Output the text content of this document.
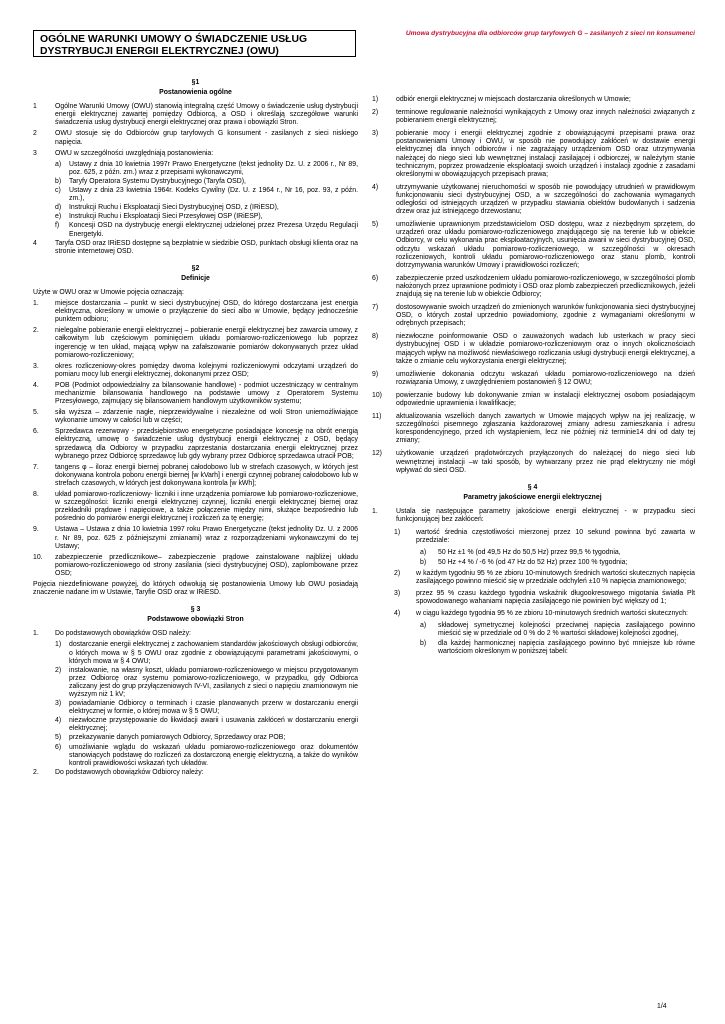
OGÓLNE WARUNKI UMOWY O ŚWIADCZENIE USŁUG DYSTRYBUCJI ENERGII ELEKTRYCZNEJ (OWU)
Umowa dystrybucyjna dla odbiorców grup taryfowych G – zasilanych z sieci nn konsumenci
§1
Postanowienia ogólne
1	Ogólne Warunki Umowy (OWU) stanowią integralną część Umowy o świadczenie usług dystrybucji energii elektrycznej zawartej pomiędzy Odbiorcą, a OSD i określają szczegółowe warunki świadczenia usług dystrybucji energii elektrycznej oraz prawa i obowiązki Stron.
2	OWU stosuje się do Odbiorców grup taryfowych G konsument - zasilanych z sieci niskiego napięcia.
3	OWU w szczególności uwzględniają postanowienia:
a)	Ustawy z dnia 10 kwietnia 1997r Prawo Energetyczne (tekst jednolity Dz. U. z 2006 r., Nr 89, poz. 625, z późn. zm.) wraz z przepisami wykonawczymi,
b)	Taryfy Operatora Systemu Dystrybucyjnego (Taryfa OSD),
c)	Ustawy z dnia 23 kwietnia 1964r. Kodeks Cywilny (Dz. U. z 1964 r., Nr 16, poz. 93, z późn. zm.),
d)	Instrukcji Ruchu i Eksploatacji Sieci Dystrybucyjnej OSD, z (IRiESD),
e)	Instrukcji Ruchu i Eksploatacji Sieci Przesyłowej OSP (IRiESP),
f)	Koncesji OSD na dystrybucję energii elektrycznej udzielonej przez Prezesa Urzędu Regulacji Energetyki.
4	Taryfa OSD oraz IRiESD dostępne są bezpłatnie w siedzibie OSD, punktach obsługi klienta oraz na stronie internetowej OSD.
§2
Definicje

Użyte w OWU oraz w Umowie pojęcia oznaczają:

1.	miejsce dostarczania – punkt w sieci dystrybucyjnej OSD, do którego dostarczana jest energia elektryczna, określony w umowie o przyłączenie do sieci albo w Umowie, będący jednocześnie punktem odbioru;
2.	nielegalne pobieranie energii elektrycznej – pobieranie energii elektrycznej bez zawarcia umowy, z całkowitym lub częściowym pominięciem układu pomiarowo-rozliczeniowego lub poprzez ingerencję w ten układ, mającą wpływ na zafałszowanie pomiarów dokonywanych przez układ pomiarowo-rozliczeniowy;
3.	okres rozliczeniowy-okres pomiędzy dwoma kolejnymi rozliczeniowymi odczytami urządzeń do pomiaru mocy lub energii elektrycznej, dokonanymi przez OSD;
4.	POB (Podmiot odpowiedzialny za bilansowanie handlowe) - podmiot uczestniczący w centralnym mechanizmie bilansowania handlowego na podstawie umowy z Operatorem Systemu Przesyłowego, zajmujący się bilansowaniem handlowym użytkowników systemu;
5.	siła wyższa – zdarzenie nagłe, nieprzewidywalne i niezależne od woli Stron uniemożliwiające wykonanie umowy w całości lub w części;
6.	Sprzedawca rezerwowy - przedsiębiorstwo energetyczne posiadające koncesję na obrót energią elektryczną, umowę o świadczenie usług dystrybucji energii elektrycznej z OSD, będący sprzedawcą dla Odbiorcy w przypadku zaprzestania dostarczania energii elektrycznej przez wybranego przez Odbiorcę sprzedawcę lub gdy wybrany przez Odbiorcę sprzedawca utracił POB;
7.	tangens φ – iloraz energii biernej pobranej całodobowo lub w strefach czasowych, w których jest dokonywana kontrola poboru energii biernej [w kVarh] i energii czynnej pobranej całodobowo lub w strefach czasowych, w których jest dokonywana kontrola [w kWh];
8.	układ pomiarowo-rozliczeniowy- liczniki i inne urządzenia pomiarowe lub pomiarowo-rozliczeniowe, w szczególności: liczniki energii elektrycznej czynnej, liczniki energii elektrycznej biernej oraz przekładniki prądowe i napięciowe, a także połączenie między nimi, służące bezpośrednio lub pośrednio do pomiarów energii elektrycznej i rozliczeń za tę energię;
9.	Ustawa – Ustawa z dnia 10 kwietnia 1997 roku Prawo Energetyczne (tekst jednolity Dz. U. z 2006 r. Nr 89, poz. 625 z późniejszymi zmianami) wraz z rozporządzeniami wykonawczymi do tej Ustawy;
10.	zabezpieczenie przedlicznikowe– zabezpieczenie prądowe zainstalowane najbliżej układu pomiarowo-rozliczeniowego od strony zasilania (sieci dystrybucyjnej OSD), zaplombowane przez OSD;

Pojęcia niezdefiniowane powyżej, do których odwołują się postanowienia Umowy lub OWU posiadają znaczenie nadane im w Ustawie, Taryfie OSD oraz w IRiESD.

§ 3
Podstawowe obowiązki Stron
1.	Do podstawowych obowiązków OSD należy:
1)	dostarczanie energii elektrycznej z zachowaniem standardów jakościowych obsługi odbiorców, o których mowa w § 5 OWU oraz zgodnie z obowiązującymi parametrami jakościowymi, o których mowa w § 4 OWU;
2)	instalowanie, na własny koszt, układu pomiarowo-rozliczeniowego w miejscu przygotowanym przez Odbiorcę oraz systemu pomiarowo-rozliczeniowego, w przypadku, gdy Odbiorca zaliczany jest do grup przyłączeniowych IV-VI, zasilanych z sieci o napięciu znamionowym nie wyższym niż 1 kV;
3)	powiadamianie Odbiorcy o terminach i czasie planowanych przerw w dostarczaniu energii elektrycznej w formie, o której mowa w § 5 OWU;
4)	niezwłoczne przystępowanie do likwidacji awarii i usuwania zakłóceń w dostarczaniu energii elektrycznej;
5)	przekazywanie danych pomiarowych Odbiorcy, Sprzedawcy oraz POB;
6)	umożliwianie wglądu do wskazań układu pomiarowo-rozliczeniowego oraz dokumentów stanowiących podstawę do rozliczeń za dostarczoną energię elektryczną, a także do wyników kontroli prawidłowości wskazań tych układów.
2.	Do podstawowych obowiązków Odbiorcy należy:
1)	odbiór energii elektrycznej w miejscach dostarczania określonych w Umowie;
2)	terminowe regulowanie należności wynikających z Umowy oraz innych należności związanych z pobieraniem energii elektrycznej;
3)	pobieranie mocy i energii elektrycznej zgodnie z obowiązującymi przepisami prawa oraz postanowieniami Umowy i OWU, w sposób nie powodujący zakłóceń w dostawie energii elektrycznej dla innych odbiorców i nie zagrażający urządzeniom OSD oraz utrzymywania należącej do niego sieci lub wewnętrznej instalacji zasilającej i odbiorczej, w należytym stanie technicznym, poprzez prowadzenie eksploatacji swoich urządzeń i instalacji zgodnie z zasadami określonymi w obowiązujących przepisach prawa;
4)	utrzymywanie użytkowanej nieruchomości w sposób nie powodujący utrudnień w prawidłowym funkcjonowaniu sieci dystrybucyjnej OSD, a w szczególności do zachowania wymaganych odległości od istniejących urządzeń w przypadku stawiania obiektów budowlanych i sadzenia drzew oraz już istniejącego drzewostanu;
5)	umożliwienie uprawnionym przedstawicielom OSD dostępu, wraz z niezbędnym sprzętem, do urządzeń oraz układu pomiarowo-rozliczeniowego znajdującego się na terenie lub w obiekcie Odbiorcy, w celu wykonania prac eksploatacyjnych, usunięcia awarii w sieci dystrybucyjnej OSD, odczytu wskazań układu pomiarowo-rozliczeniowego, w szczególności w okresach rozliczeniowych, kontroli układu pomiarowo-rozliczeniowego oraz stanu plomb, kontroli dotrzymywania warunków Umowy i prawidłowości rozliczeń;
6)	zabezpieczenie przed uszkodzeniem układu pomiarowo-rozliczeniowego, w szczególności plomb nałożonych przez uprawnione podmioty i OSD oraz plomb zabezpieczeń przedlicznikowych, jeżeli znajdują się na terenie lub w obiekcie Odbiorcy;
7)	dostosowywanie swoich urządzeń do zmienionych warunków funkcjonowania sieci dystrybucyjnej OSD, o których został uprzednio powiadomiony, zgodnie z wymaganiami określonymi w odrębnych przepisach;
8)	niezwłoczne poinformowanie OSD o zauważonych wadach lub usterkach w pracy sieci dystrybucyjnej OSD i w układzie pomiarowo-rozliczeniowym oraz o innych okolicznościach mających wpływ na możliwość niewłaściwego rozliczania usługi dystrybucji energii elektrycznej, a także o zmianie celu wykorzystania energii elektrycznej;
9)	umożliwienie dokonania odczytu wskazań układu pomiarowo-rozliczeniowego na dzień rozwiązania Umowy, z uwzględnieniem postanowień § 12 OWU;
10)	powierzanie budowy lub dokonywanie zmian w instalacji elektrycznej osobom posiadającym odpowiednie uprawnienia i kwalifikacje;
11)	aktualizowania wszelkich danych zawartych w Umowie mających wpływ na jej realizację, w szczególności pisemnego zgłaszania każdorazowej zmiany adresu zamieszkania i adresu korespondencyjnego, przed ich wystąpieniem, lecz nie później niż terminie14 dni od daty tej zmiany;
12)	użytkowanie urządzeń prądotwórczych przyłączonych do należącej do niego sieci lub wewnętrznej instalacji –w taki sposób, by wytwarzany przez nie prąd elektryczny nie mógł wpływać do sieci OSD.
§ 4
Parametry jakościowe energii elektrycznej
1.	Ustala się następujące parametry jakościowe energii elektrycznej - w przypadku sieci funkcjonującej bez zakłóceń:
1)	wartość średnia częstotliwości mierzonej przez 10 sekund powinna być zawarta w przedziale:
a)	50 Hz ±1 % (od 49,5 Hz do 50,5 Hz) przez 99,5 % tygodnia,
b)	50 Hz +4 % / -6 % (od 47 Hz do 52 Hz) przez 100 % tygodnia;
2)	w każdym tygodniu 95 % ze zbioru 10-minutowych średnich wartości skutecznych napięcia zasilającego powinno mieścić się w przedziale odchyleń ±10 % napięcia znamionowego;
3)	przez 95 % czasu każdego tygodnia wskaźnik długookresowego migotania światła Plt spowodowanego wahaniami napięcia zasilającego nie powinien być większy od 1;
4)	w ciągu każdego tygodnia 95 % ze zbioru 10-minutowych średnich wartości skutecznych:
a)	składowej symetrycznej kolejności przeciwnej napięcia zasilającego powinno mieścić się w przedziale od 0 % do 2 % wartości składowej kolejności zgodnej,
b)	dla każdej harmonicznej napięcia zasilającego powinno być mniejsze lub równe wartościom określonym w poniższej tabeli:
1/4
